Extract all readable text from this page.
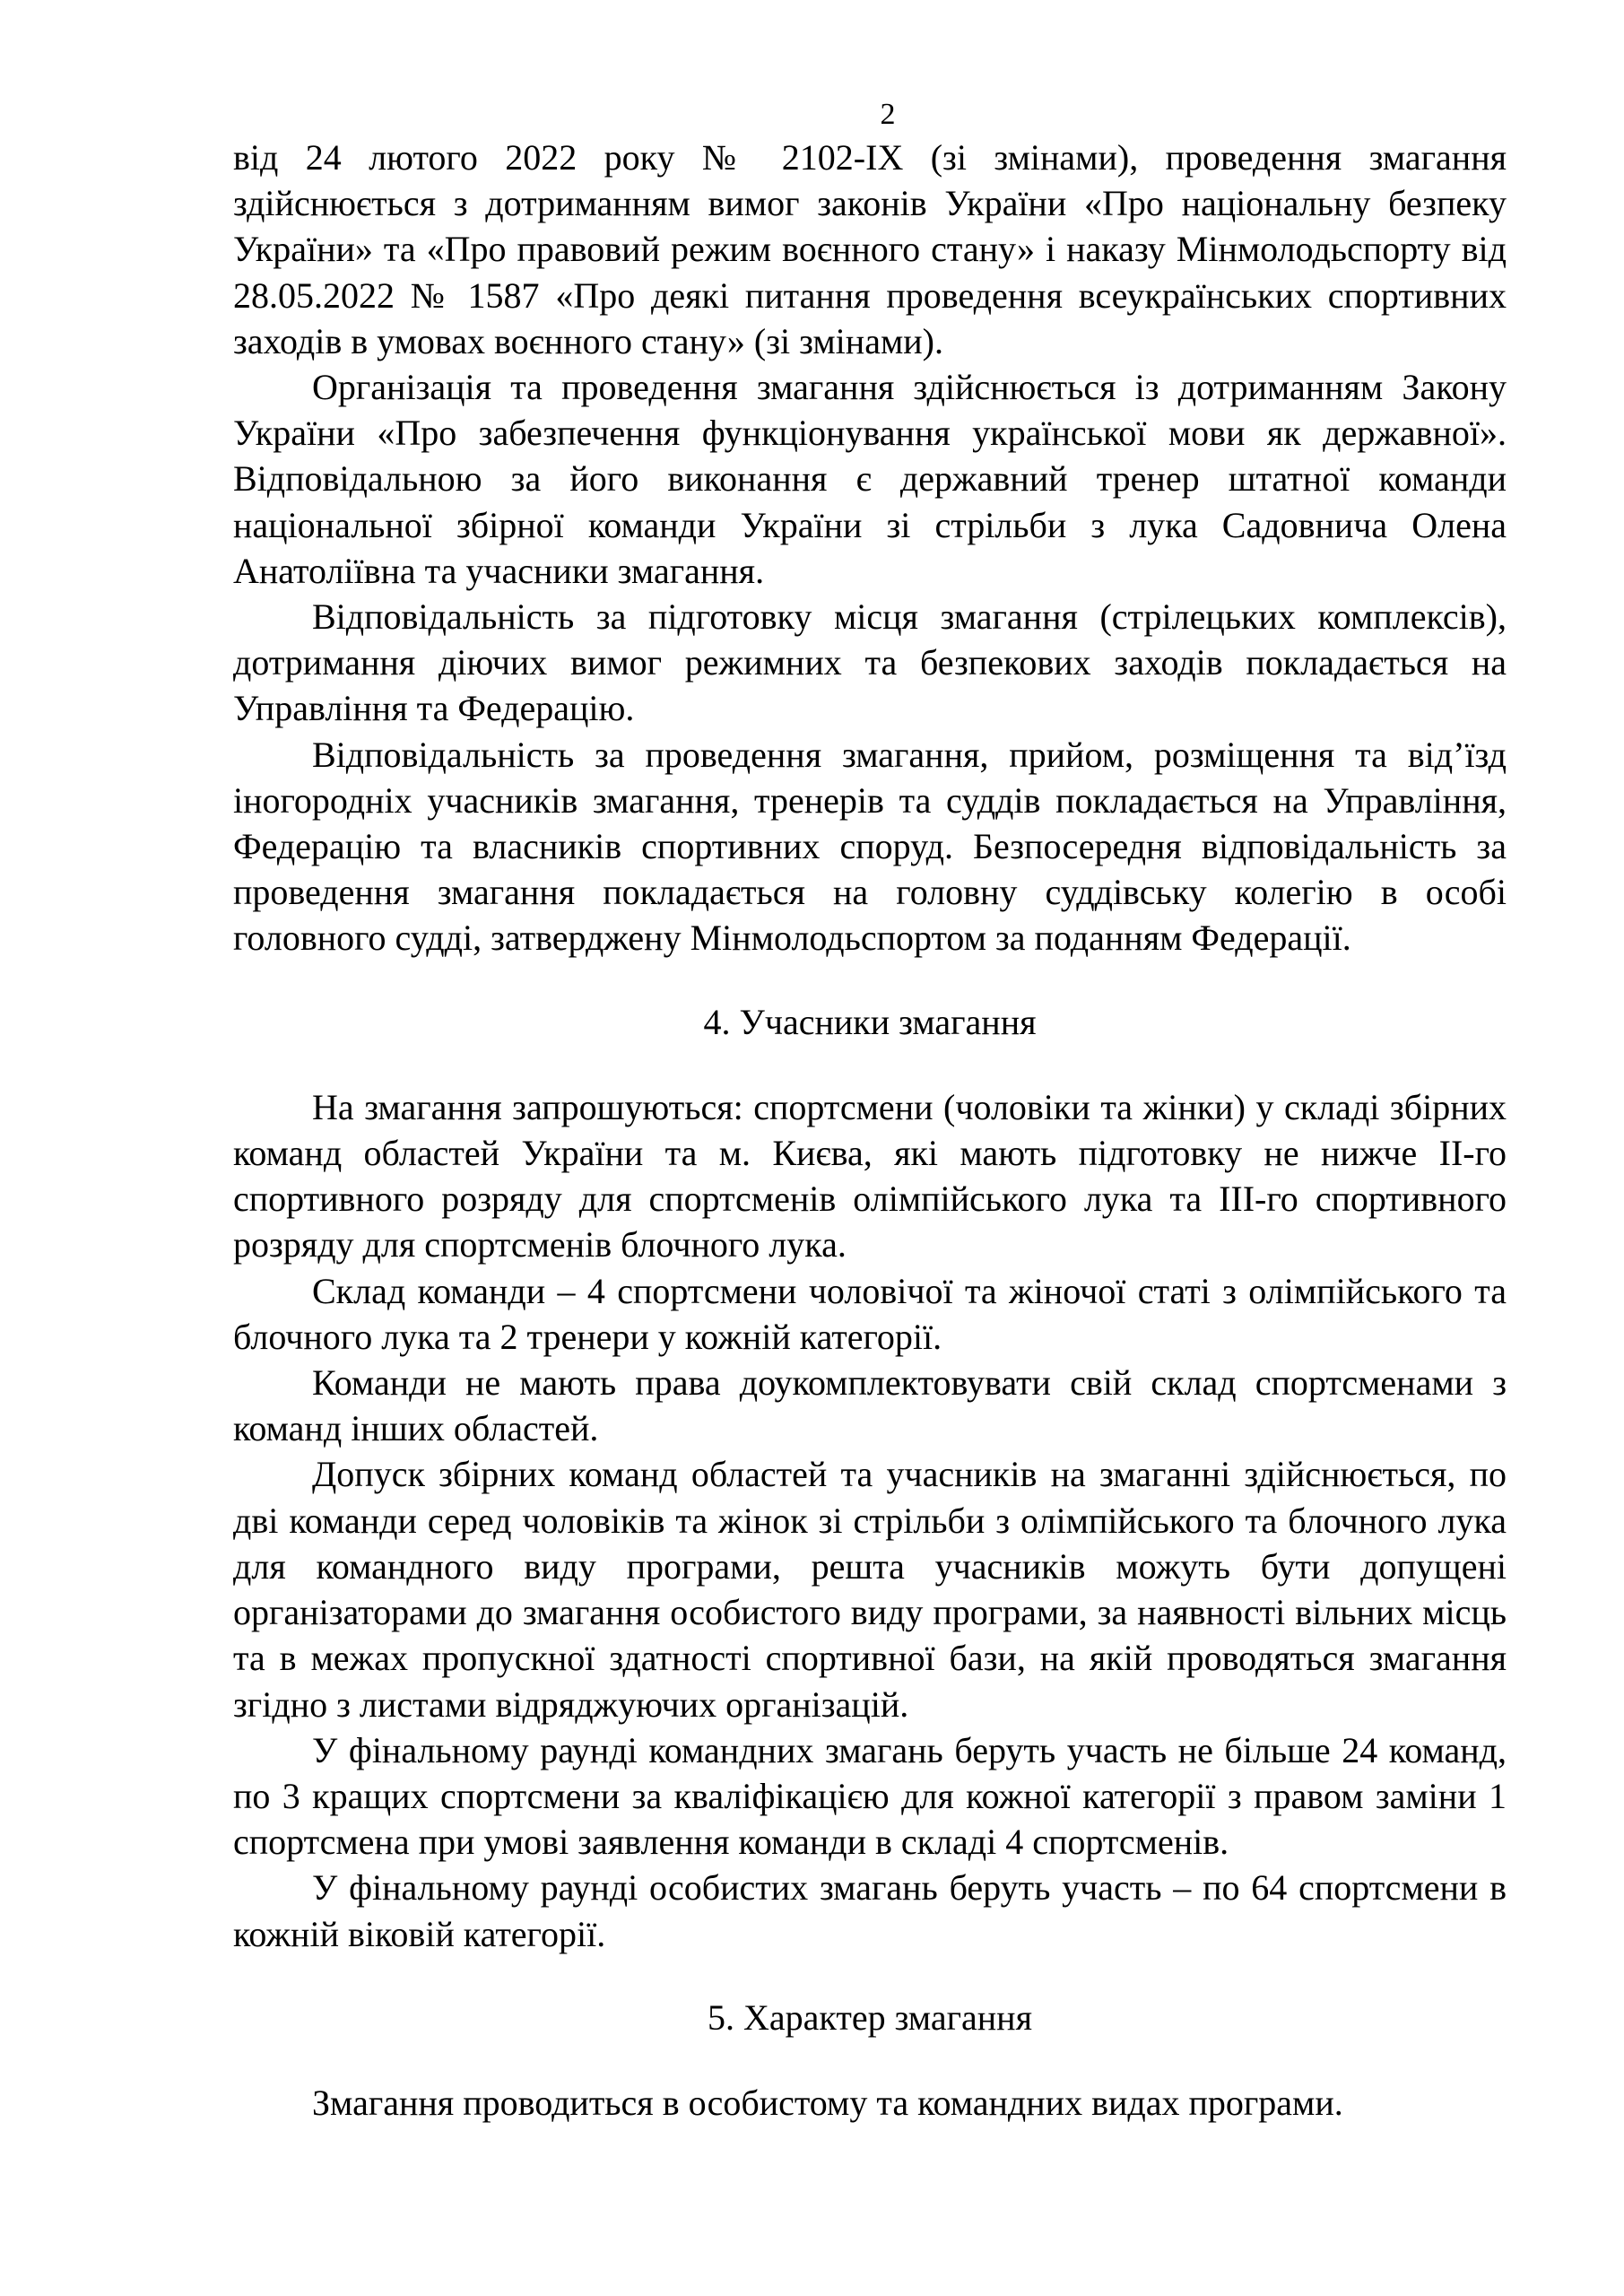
2

від 24 лютого 2022 року № 2102-ІХ (зі змінами), проведення змагання здійснюється з дотриманням вимог законів України «Про національну безпеку України» та «Про правовий режим воєнного стану» і наказу Мінмолодьспорту від 28.05.2022 № 1587 «Про деякі питання проведення всеукраїнських спортивних заходів в умовах воєнного стану» (зі змінами).

Організація та проведення змагання здійснюється із дотриманням Закону України «Про забезпечення функціонування української мови як державної». Відповідальною за його виконання є державний тренер штатної команди національної збірної команди України зі стрільби з лука Садовнича Олена Анатоліївна та учасники змагання.

Відповідальність за підготовку місця змагання (стрілецьких комплексів), дотримання діючих вимог режимних та безпекових заходів покладається на Управління та Федерацію.

Відповідальність за проведення змагання, прийом, розміщення та від’їзд іногородніх учасників змагання, тренерів та суддів покладається на Управління, Федерацію та власників спортивних споруд. Безпосередня відповідальність за проведення змагання покладається на головну суддівську колегію в особі головного судді, затверджену Мінмолодьспортом за поданням Федерації.

4. Учасники змагання

На змагання запрошуються: спортсмени (чоловіки та жінки) у складі збірних команд областей України та м. Києва, які мають підготовку не нижче ІІ-го спортивного розряду для спортсменів олімпійського лука та ІІІ-го спортивного розряду для спортсменів блочного лука.

Склад команди – 4 спортсмени чоловічої та жіночої статі з олімпійського та блочного лука та 2 тренери у кожній категорії.

Команди не мають права доукомплектовувати свій склад спортсменами з команд інших областей.

Допуск збірних команд областей та учасників на змаганні здійснюється, по дві команди серед чоловіків та жінок зі стрільби з олімпійського та блочного лука для командного виду програми, решта учасників можуть бути допущені організаторами до змагання особистого виду програми, за наявності вільних місць та в межах пропускної здатності спортивної бази, на якій проводяться змагання згідно з листами відряджуючих організацій.

У фінальному раунді командних змагань беруть участь не більше 24 команд, по 3 кращих спортсмени за кваліфікацією для кожної категорії з правом заміни 1 спортсмена при умові заявлення команди в складі 4 спортсменів.

У фінальному раунді особистих змагань беруть участь – по 64 спортсмени в кожній віковій категорії.

5. Характер змагання

Змагання проводиться в особистому та командних видах програми.
